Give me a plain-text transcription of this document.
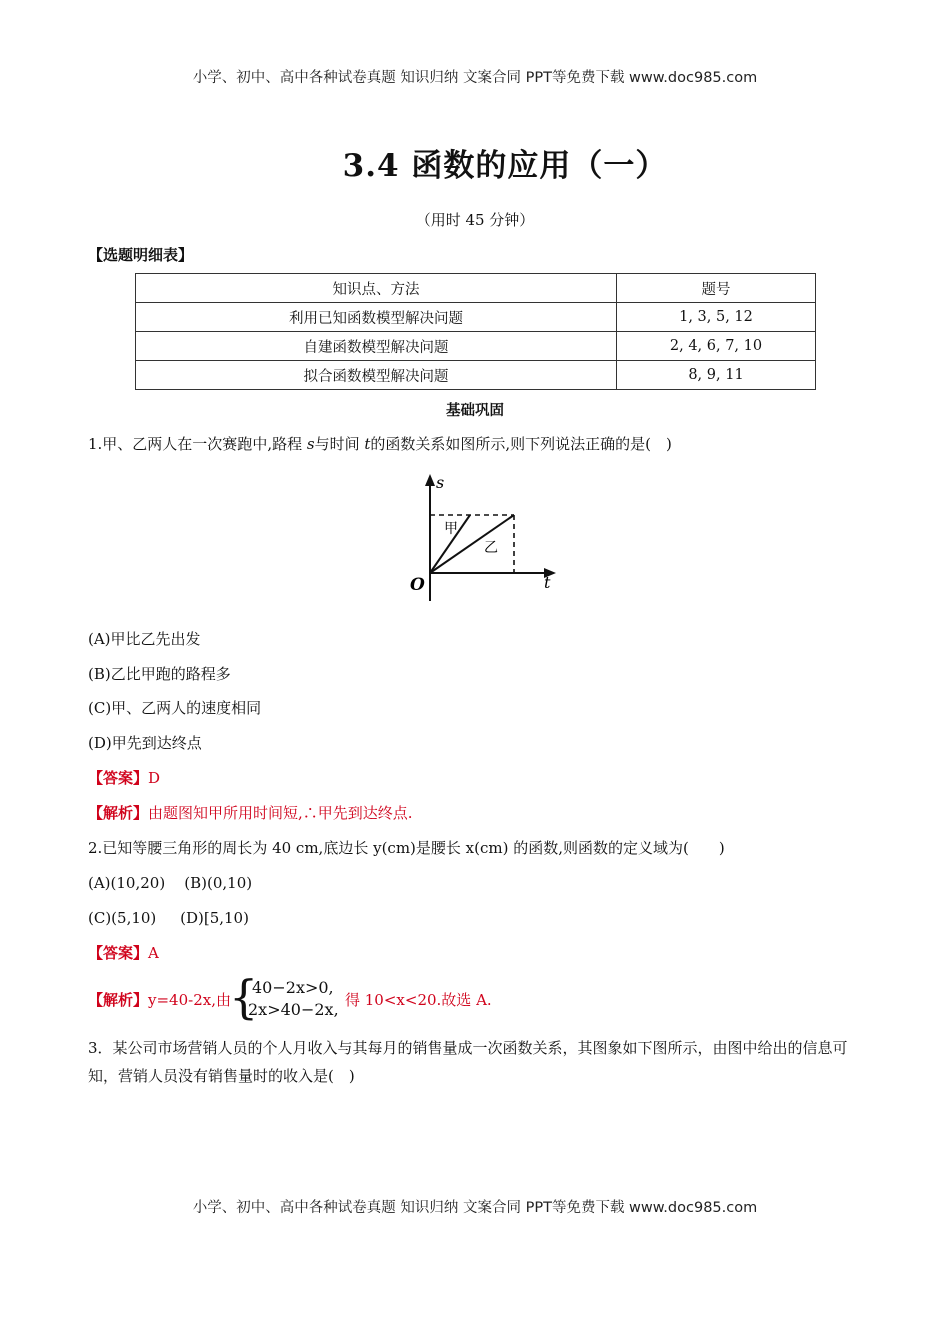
小学、初中、高中各种试卷真题 知识归纳 文案合同 PPT等免费下载 www.doc985.com
3.4 函数的应用（一）
（用时 45 分钟）
【选题明细表】
知识点、方法	题号
利用已知函数模型解决问题	1, 3, 5, 12
自建函数模型解决问题	2, 4, 6, 7, 10
拟合函数模型解决问题	8, 9, 11
基础巩固
1.甲、乙两人在一次赛跑中,路程 s与时间 t的函数关系如图所示,则下列说法正确的是(　)
s
t
O
甲
乙
(A)甲比乙先出发
(B)乙比甲跑的路程多
(C)甲、乙两人的速度相同
(D)甲先到达终点
【答案】D
【解析】由题图知甲所用时间短,∴甲先到达终点.
2.已知等腰三角形的周长为 40 cm,底边长 y(cm)是腰长 x(cm) 的函数,则函数的定义域为(　　)
(A)(10,20)    (B)(0,10)
(C)(5,10)     (D)[5,10)
【答案】A
【解析】y=40-2x,由
{
40−2x>0,
2x>40−2x, 得 10<x<20.故选 A.
3．某公司市场营销人员的个人月收入与其每月的销售量成一次函数关系，其图象如下图所示，由图中给出的信息可知，营销人员没有销售量时的收入是(　)
小学、初中、高中各种试卷真题 知识归纳 文案合同 PPT等免费下载 www.doc985.com
